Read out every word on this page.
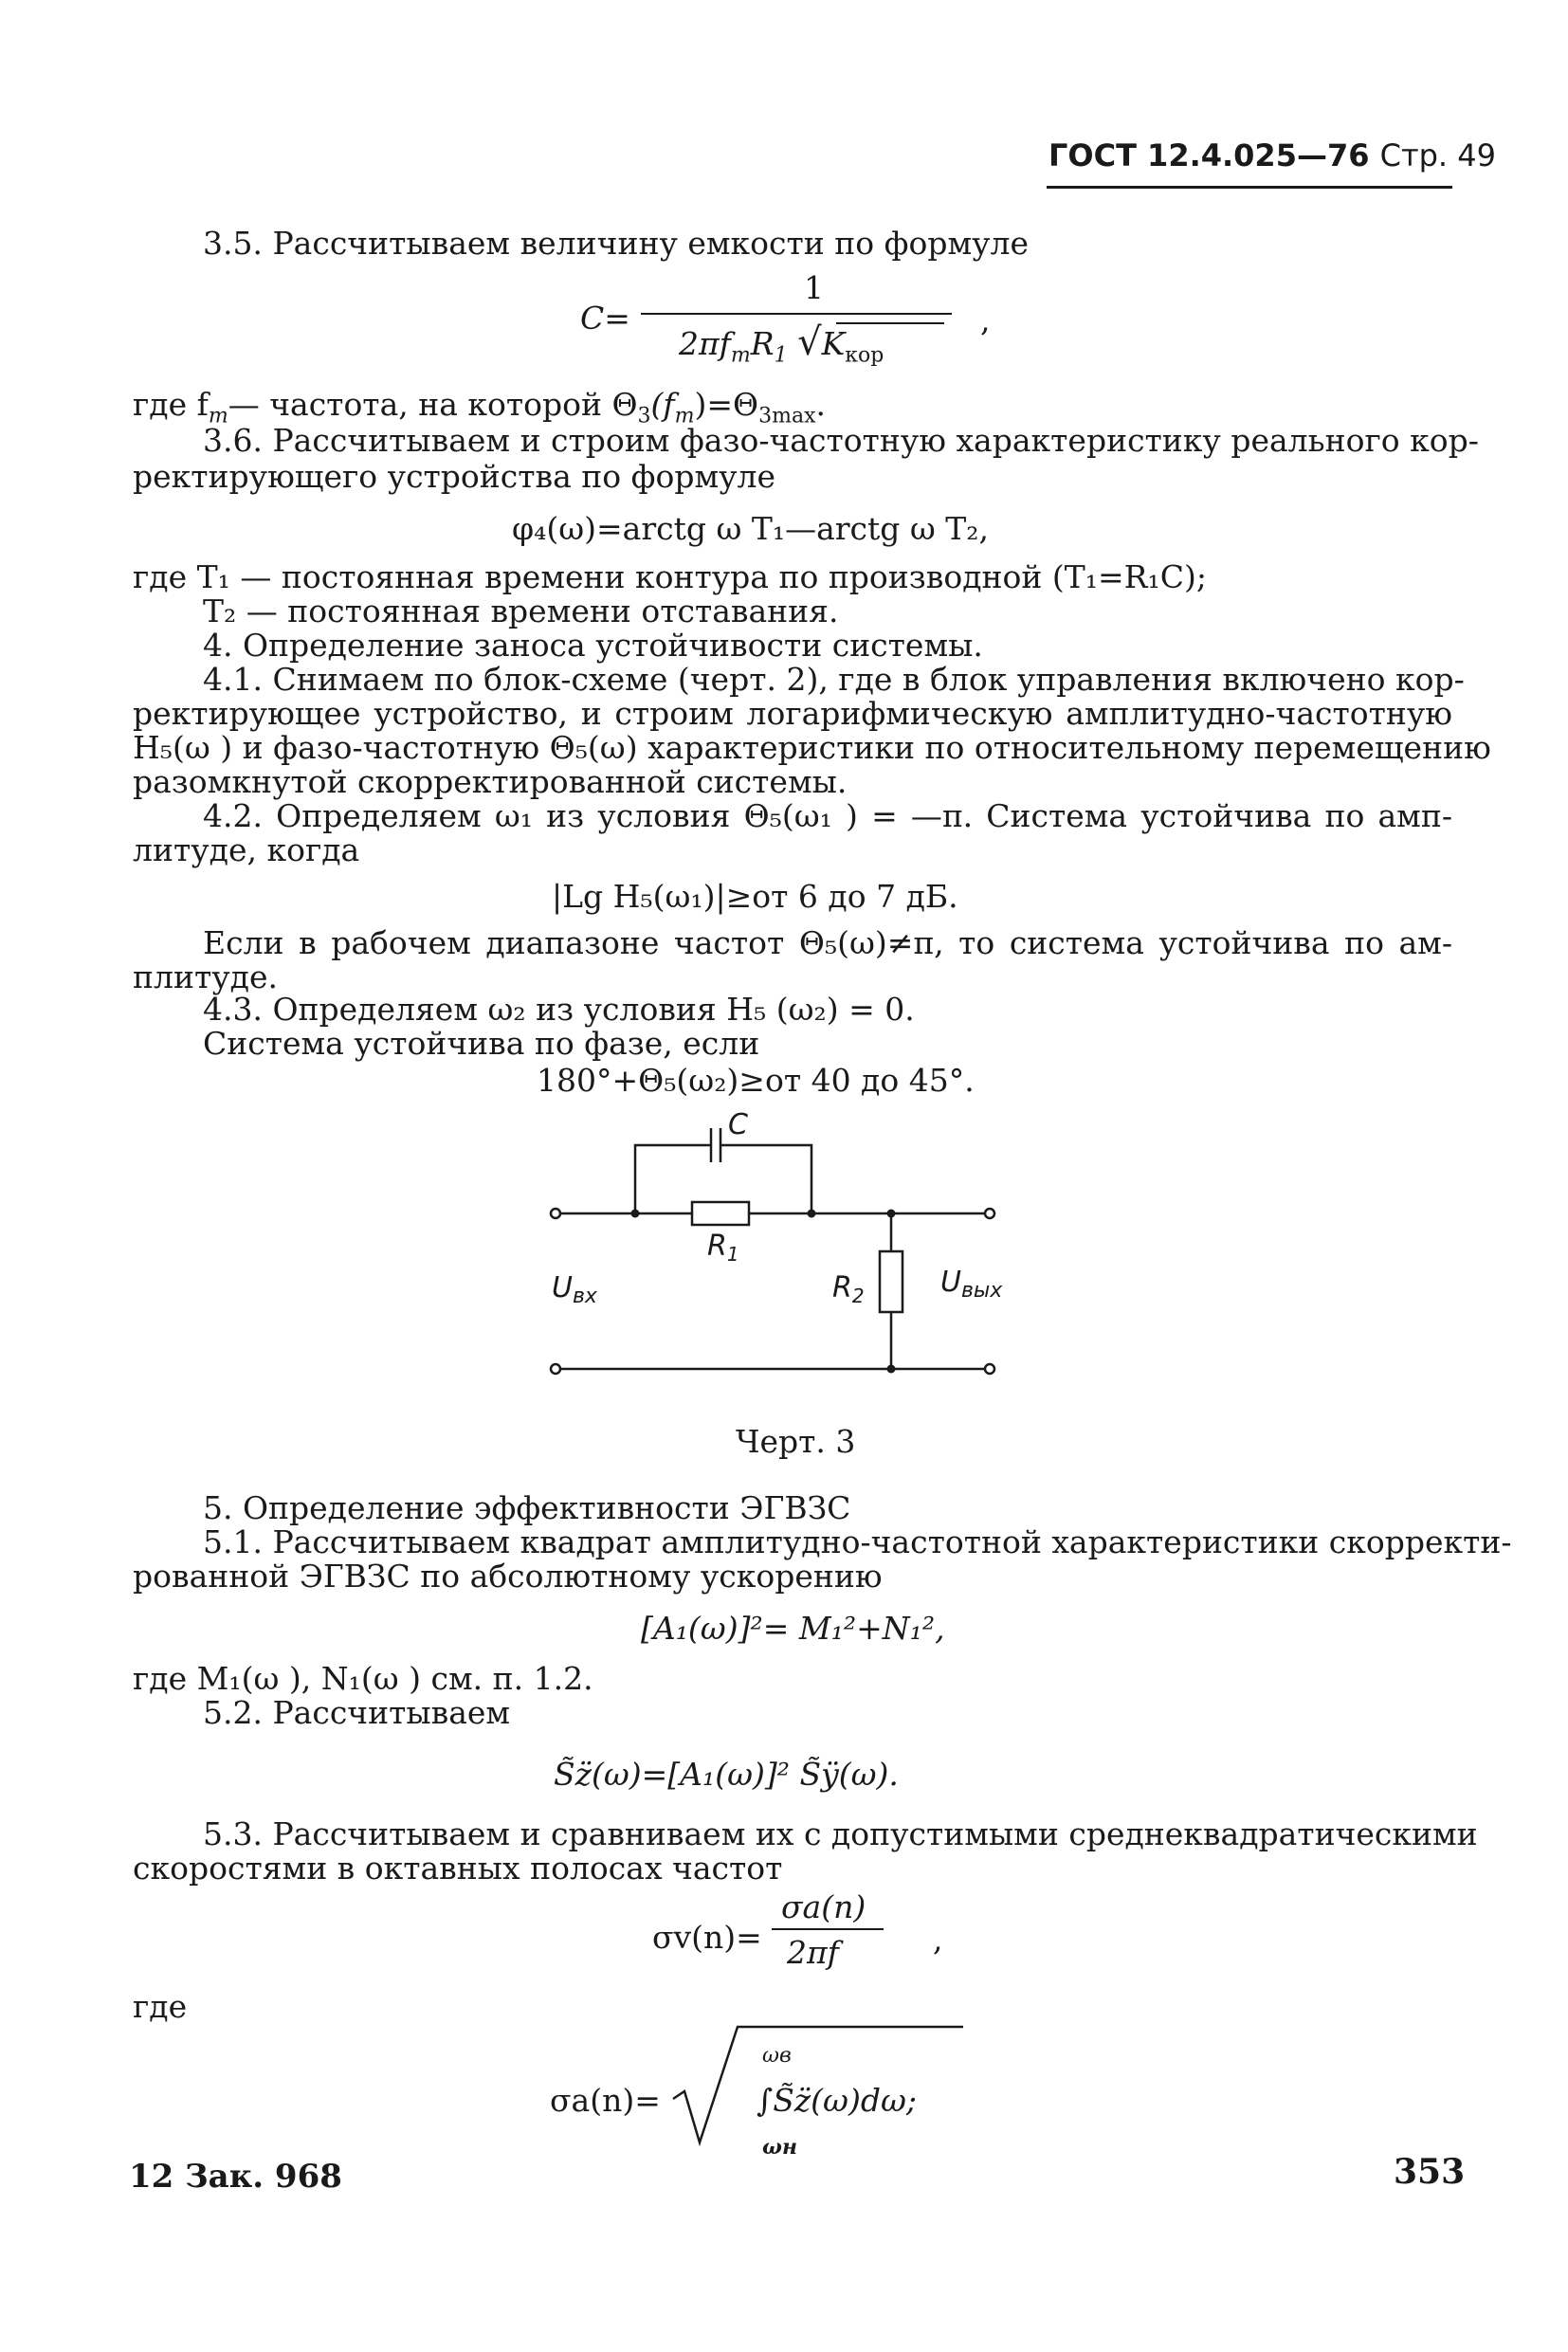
ГОСТ 12.4.025—76 Стр. 49
3.5. Рассчитываем величину емкости по формуле
C=
1
$2\pi f_mR_1$ $√K_{кор}$
,
где $f_m—$ частота, на которой $\Theta_3(f_m)=\Theta_{3max}$.
3.6. Рассчитываем и строим фазо-частотную характеристику реального кор-
ректирующего устройства по формуле
φ₄(ω)=arctg ω T₁—arctg ω T₂,
где T₁ — постоянная времени контура по производной (T₁=R₁C);
T₂ — постоянная времени отставания.
4. Определение заноса устойчивости системы.
4.1. Снимаем по блок-схеме (черт. 2), где в блок управления включено кор-
ректирующее устройство, и строим логарифмическую амплитудно-частотную
H₅(ω ) и фазо-частотную Θ₅(ω) характеристики по относительному перемещению
разомкнутой скорректированной системы.
4.2. Определяем ω₁ из условия Θ₅(ω₁ ) = —π. Система устойчива по амп-
литуде, когда
|Lg H₅(ω₁)|≥от 6 до 7 дБ.
Если в рабочем диапазоне частот Θ₅(ω)≠π, то система устойчива по ам-
плитуде.
4.3. Определяем ω₂ из условия H₅ (ω₂) = 0.
Система устойчива по фазе, если
180°+Θ₅(ω₂)≥от 40 до 45°.
C
$R_1$
$R_2$
$U_{вх}$	$U_{вых}$
Черт. 3
5. Определение эффективности ЭГВЗС
5.1. Рассчитываем квадрат амплитудно-частотной характеристики скорректи-
рованной ЭГВЗС по абсолютному ускорению
[A₁(ω)]²= M₁²+N₁²,
где M₁(ω ), N₁(ω ) см. п. 1.2.
5.2. Рассчитываем
S̃z̈(ω)=[A₁(ω)]² S̃ÿ(ω).
5.3. Рассчитываем и сравниваем их с допустимыми среднеквадратическими
скоростями в октавных полосах частот
σv(n)=
σa(n)
2πf	,
где
σa(n)=
ωв
∫S̃z̈(ω)dω;
ωн
12 Зак. 968	353
